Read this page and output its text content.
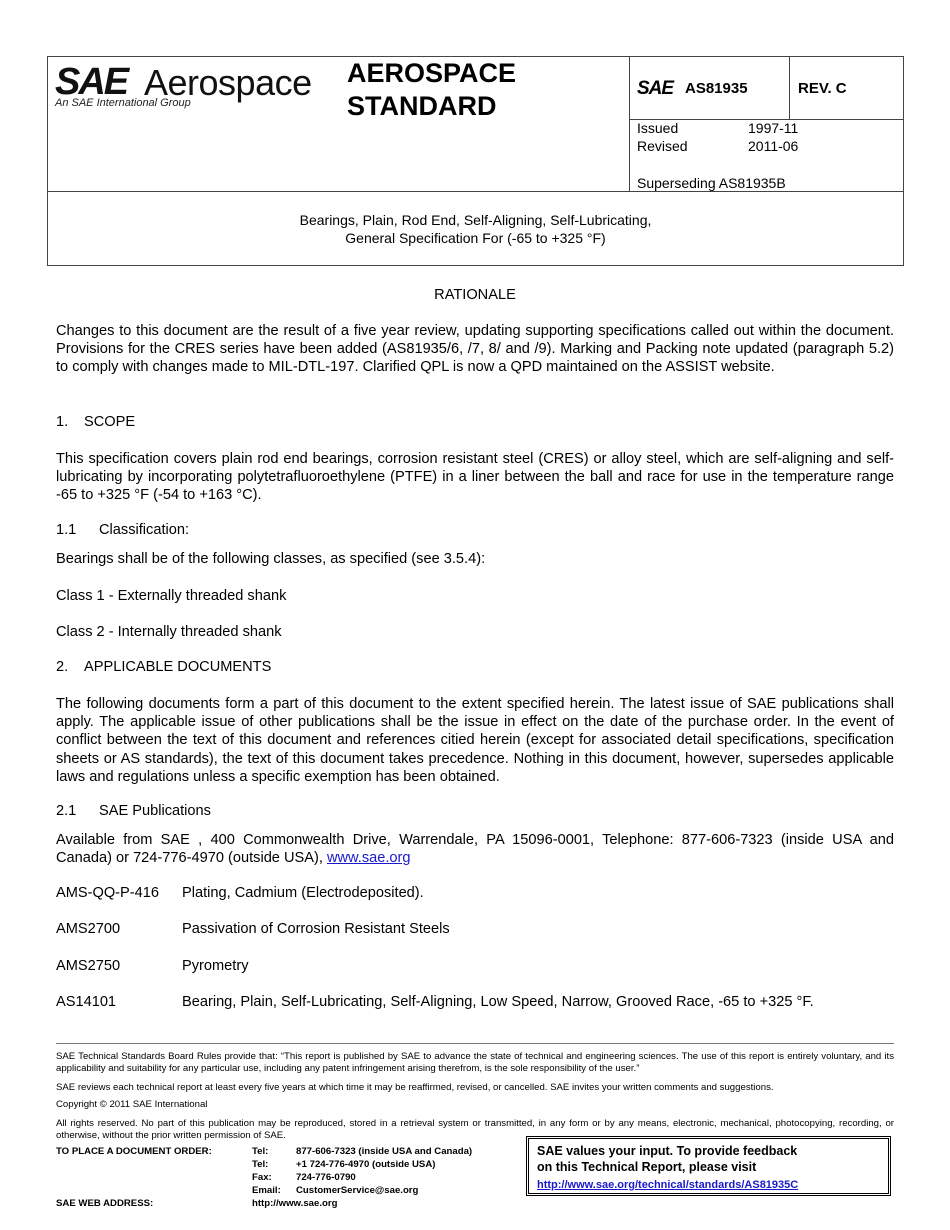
SAE Aerospace
An SAE International Group
AEROSPACE
STANDARD
SAE AS81935	REV. C
Issued	1997-11
Revised	2011-06
Superseding AS81935B
Bearings, Plain, Rod End, Self-Aligning, Self-Lubricating,
General Specification For (-65 to +325 °F)
RATIONALE
Changes to this document are the result of a five year review, updating supporting specifications called out within the document. Provisions for the CRES series have been added (AS81935/6, /7, 8/ and /9). Marking and Packing note updated (paragraph 5.2) to comply with changes made to MIL-DTL-197. Clarified QPL is now a QPD maintained on the ASSIST website.
1. SCOPE
This specification covers plain rod end bearings, corrosion resistant steel (CRES) or alloy steel, which are self-aligning and self-lubricating by incorporating polytetrafluoroethylene (PTFE) in a liner between the ball and race for use in the temperature range -65 to +325 °F (-54 to +163 °C).
1.1 Classification:
Bearings shall be of the following classes, as specified (see 3.5.4):
Class 1 - Externally threaded shank
Class 2 - Internally threaded shank
2. APPLICABLE DOCUMENTS
The following documents form a part of this document to the extent specified herein. The latest issue of SAE publications shall apply. The applicable issue of other publications shall be the issue in effect on the date of the purchase order. In the event of conflict between the text of this document and references citied herein (except for associated detail specifications, specification sheets or AS standards), the text of this document takes precedence. Nothing in this document, however, supersedes applicable laws and regulations unless a specific exemption has been obtained.
2.1 SAE Publications
Available from SAE , 400 Commonwealth Drive, Warrendale, PA 15096-0001, Telephone: 877-606-7323 (inside USA and Canada) or 724-776-4970 (outside USA), www.sae.org
AMS-QQ-P-416 Plating, Cadmium (Electrodeposited).
AMS2700	Passivation of Corrosion Resistant Steels
AMS2750	Pyrometry
AS14101	Bearing, Plain, Self-Lubricating, Self-Aligning, Low Speed, Narrow, Grooved Race, -65 to +325 °F.
SAE Technical Standards Board Rules provide that: “This report is published by SAE to advance the state of technical and engineering sciences. The use of this report is entirely voluntary, and its applicability and suitability for any particular use, including any patent infringement arising therefrom, is the sole responsibility of the user.”
SAE reviews each technical report at least every five years at which time it may be reaffirmed, revised, or cancelled. SAE invites your written comments and suggestions.
Copyright © 2011 SAE International
All rights reserved. No part of this publication may be reproduced, stored in a retrieval system or transmitted, in any form or by any means, electronic, mechanical, photocopying, recording, or otherwise, without the prior written permission of SAE.
TO PLACE A DOCUMENT ORDER:	Tel:	877-606-7323 (inside USA and Canada)
Tel:	+1 724-776-4970 (outside USA)
Fax:	724-776-0790
Email: CustomerService@sae.org
SAE WEB ADDRESS:	http://www.sae.org
SAE values your input. To provide feedback
on this Technical Report, please visit
http://www.sae.org/technical/standards/AS81935C
